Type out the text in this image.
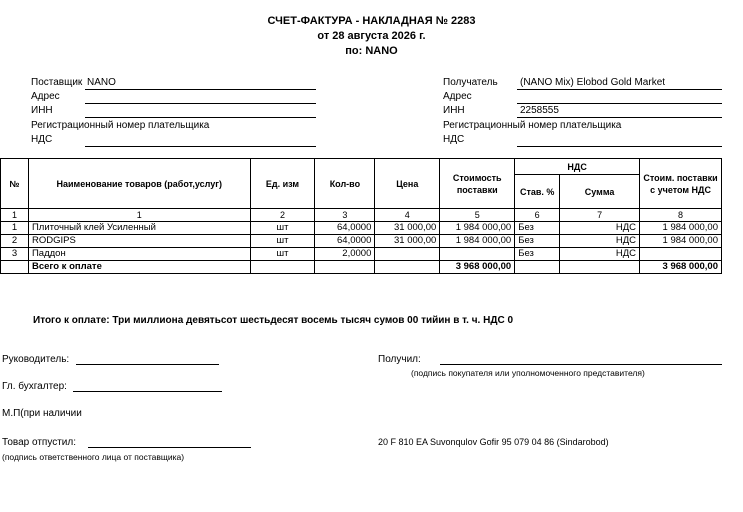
СЧЕТ-ФАКТУРА - НАКЛАДНАЯ № 2283
от 28 августа 2026 г.
по: NANO
Поставщик NANO
Адрес
ИНН
Регистрационный номер плательщика
НДС
Получатель (NANO Mix) Elobod Gold Market
Адрес
ИНН	2258555
Регистрационный номер плательщика
НДС
№	Наименование товаров (работ,услуг)	Ед. изм	Кол-во	Цена	Стоимость поставки	НДС		Стоим. поставки с учетом НДС
						Став. %	Сумма	
1	1	2	3	4	5	6	7	8
1	Плиточный клей Усиленный	шт	64,0000	31 000,00	1 984 000,00	Без	НДС	1 984 000,00
2	RODGIPS	шт	64,0000	31 000,00	1 984 000,00	Без	НДС	1 984 000,00
3	Паддон	шт	2,0000			Без	НДС	
	Всего к оплате				3 968 000,00			3 968 000,00
Итого к оплате: Три миллиона девятьсот шестьдесят восемь тысяч сумов 00 тийин в т. ч. НДС 0
Руководитель:
Гл. бухгалтер:
М.П(при наличии
Товар отпустил:
(подпись ответственного лица от поставщика)
Получил:
(подпись покупателя или уполномоченного представителя)
20 F 810 EA Suvonqulov Gofir 95 079 04 86 (Sindarobod)
